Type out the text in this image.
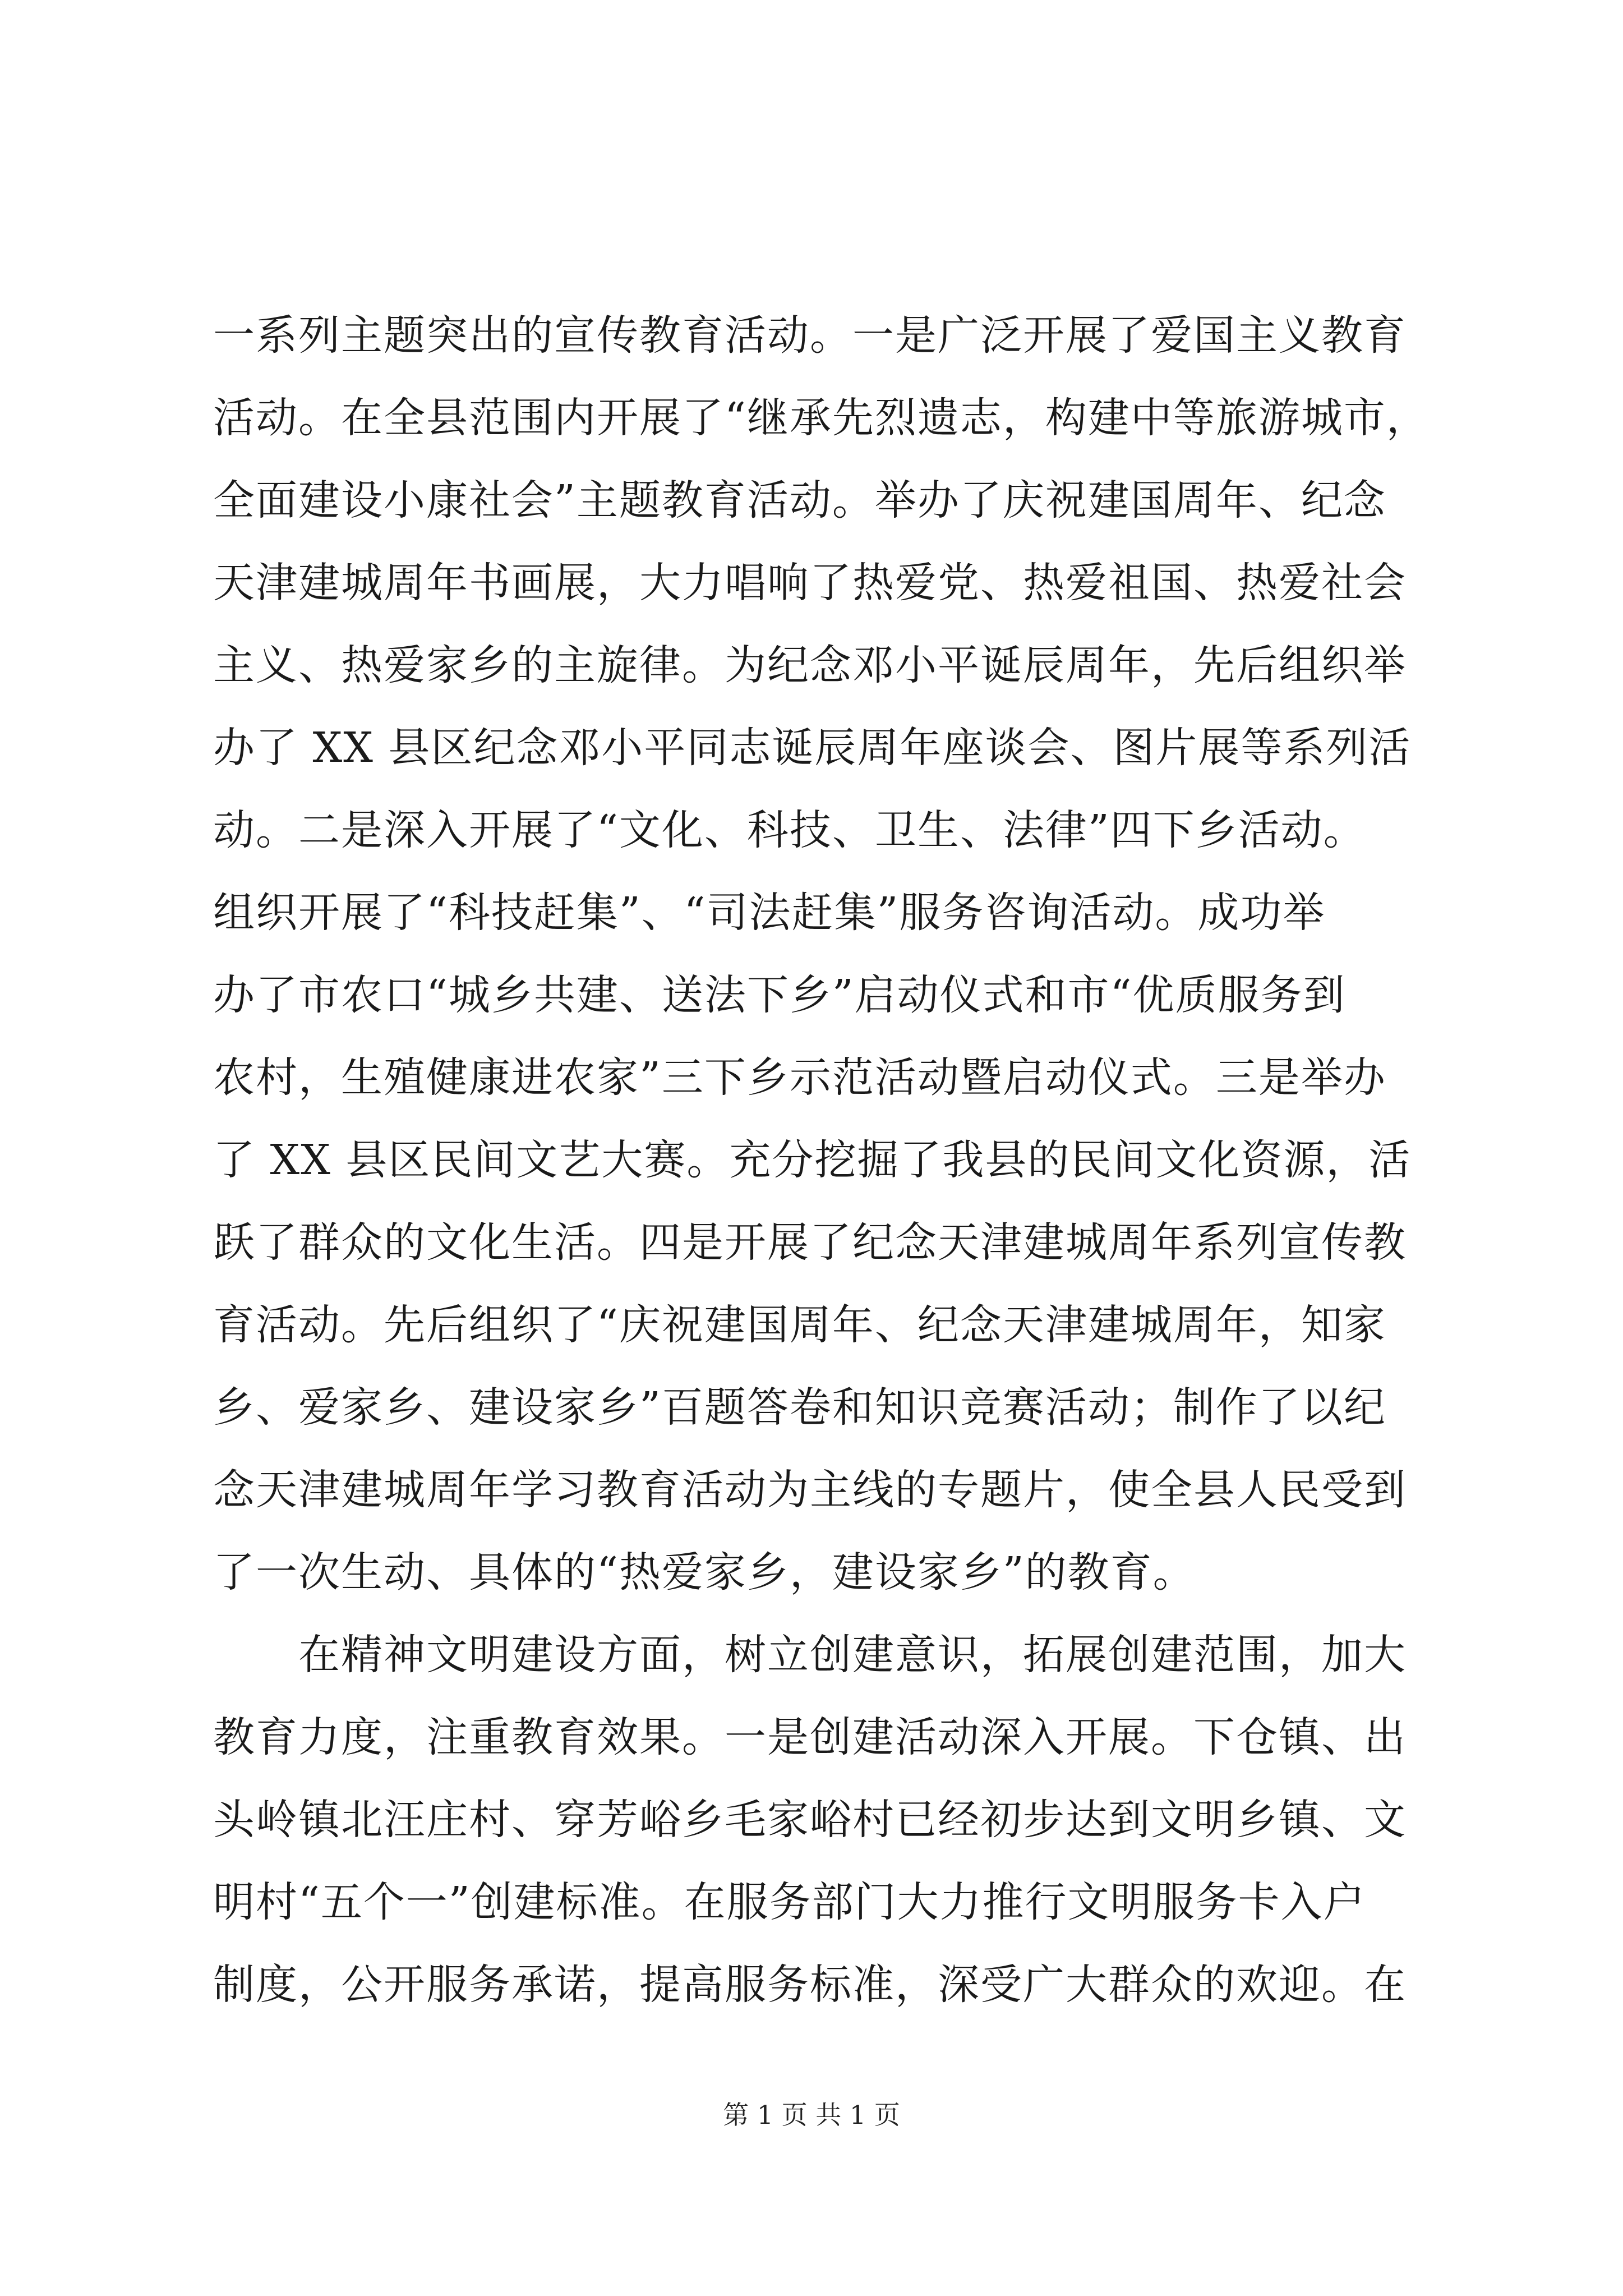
一系列主题突出的宣传教育活动。一是广泛开展了爱国主义教育
活动。在全县范围内开展了“继承先烈遗志，构建中等旅游城市，
全面建设小康社会”主题教育活动。举办了庆祝建国周年、纪念
天津建城周年书画展，大力唱响了热爱党、热爱祖国、热爱社会
主义、热爱家乡的主旋律。为纪念邓小平诞辰周年，先后组织举
办了 XX 县区纪念邓小平同志诞辰周年座谈会、图片展等系列活
动。二是深入开展了“文化、科技、卫生、法律”四下乡活动。
组织开展了“科技赶集”、“司法赶集”服务咨询活动。成功举
办了市农口“城乡共建、送法下乡”启动仪式和市“优质服务到
农村，生殖健康进农家”三下乡示范活动暨启动仪式。三是举办
了 XX 县区民间文艺大赛。充分挖掘了我县的民间文化资源，活
跃了群众的文化生活。四是开展了纪念天津建城周年系列宣传教
育活动。先后组织了“庆祝建国周年、纪念天津建城周年，知家
乡、爱家乡、建设家乡”百题答卷和知识竞赛活动；制作了以纪
念天津建城周年学习教育活动为主线的专题片，使全县人民受到
了一次生动、具体的“热爱家乡，建设家乡”的教育。
　　在精神文明建设方面，树立创建意识，拓展创建范围，加大
教育力度，注重教育效果。一是创建活动深入开展。下仓镇、出
头岭镇北汪庄村、穿芳峪乡毛家峪村已经初步达到文明乡镇、文
明村“五个一”创建标准。在服务部门大力推行文明服务卡入户
制度，公开服务承诺，提高服务标准，深受广大群众的欢迎。在
第 1 页 共 1 页
